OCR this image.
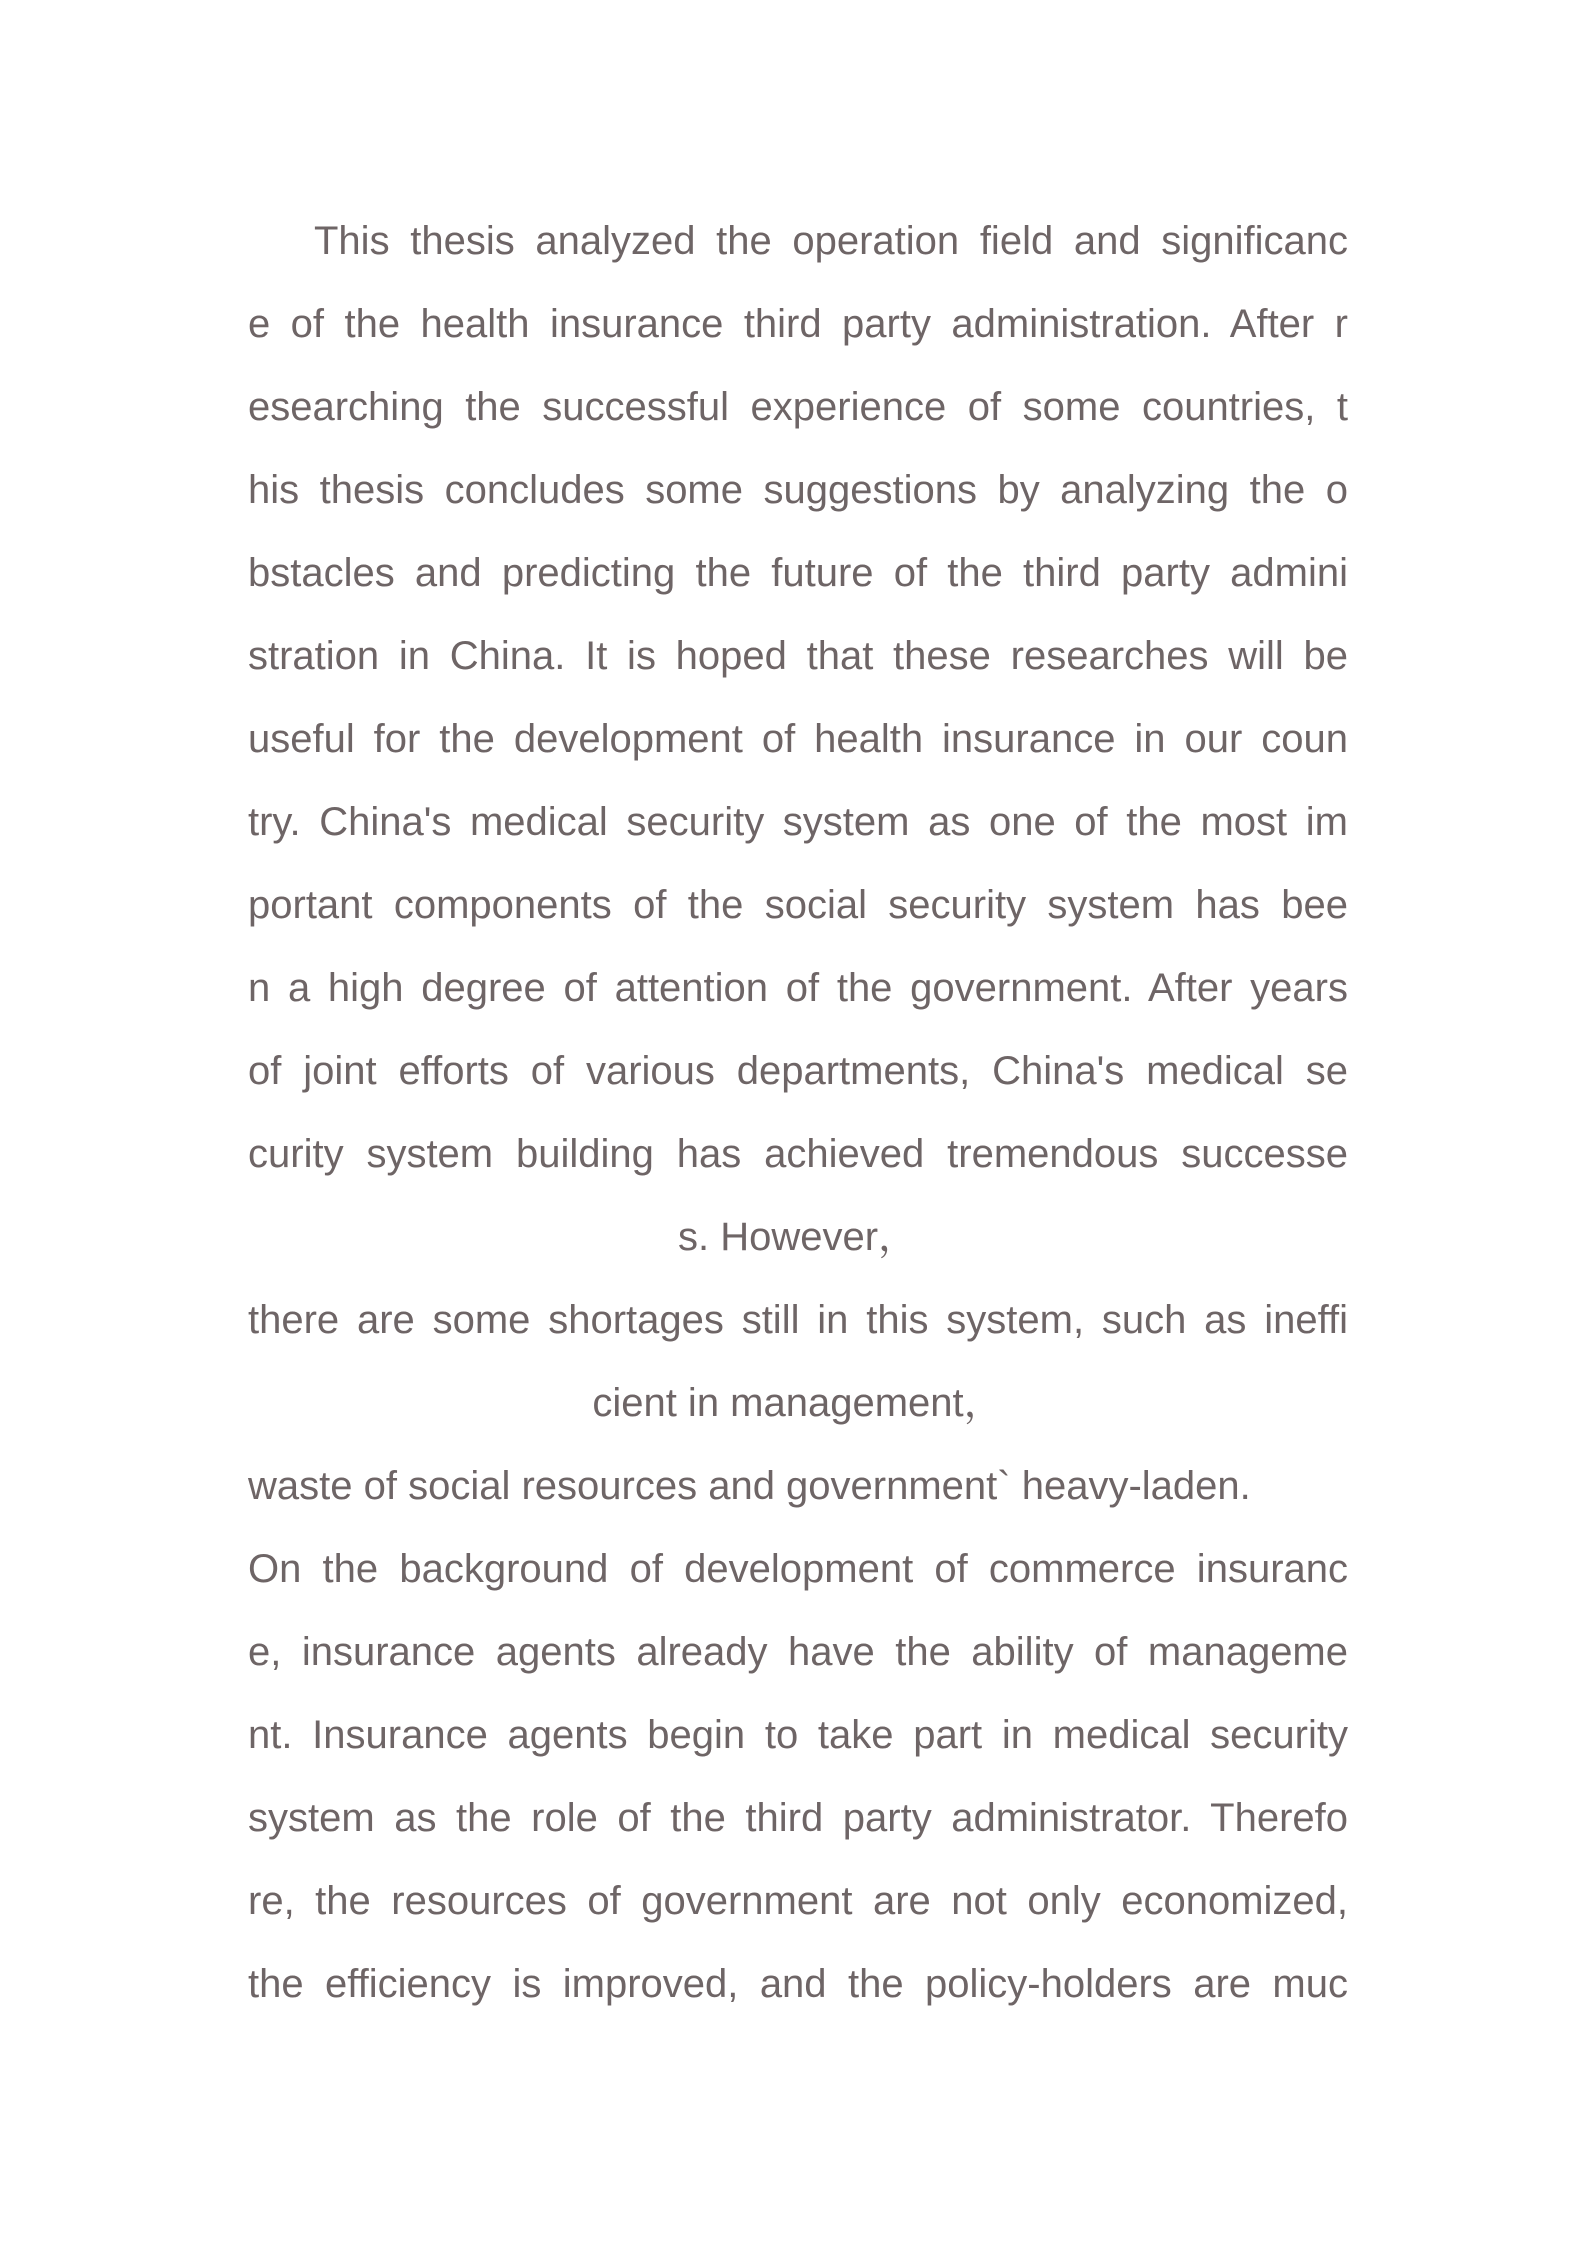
This thesis analyzed the operation field and significanc
e of the health insurance third party administration. After r
esearching the successful experience of some countries, t
his thesis concludes some suggestions by analyzing the o
bstacles and predicting the future of the third party admini
stration in China. It is hoped that these researches will be
useful for the development of health insurance in our coun
try. China's medical security system as one of the most im
portant components of the social security system has bee
n a high degree of attention of the government. After years
of joint efforts of various departments, China's medical se
curity system building has achieved tremendous successe
s. However，
there are some shortages still in this system, such as ineffi
cient in management，
waste of social resources and government` heavy-laden.
On the background of development of commerce insuranc
e, insurance agents already have the ability of manageme
nt. Insurance agents begin to take part in medical security
system as the role of the third party administrator. Therefo
re, the resources of government are not only economized,
the efficiency is improved, and the policy-holders are muc
